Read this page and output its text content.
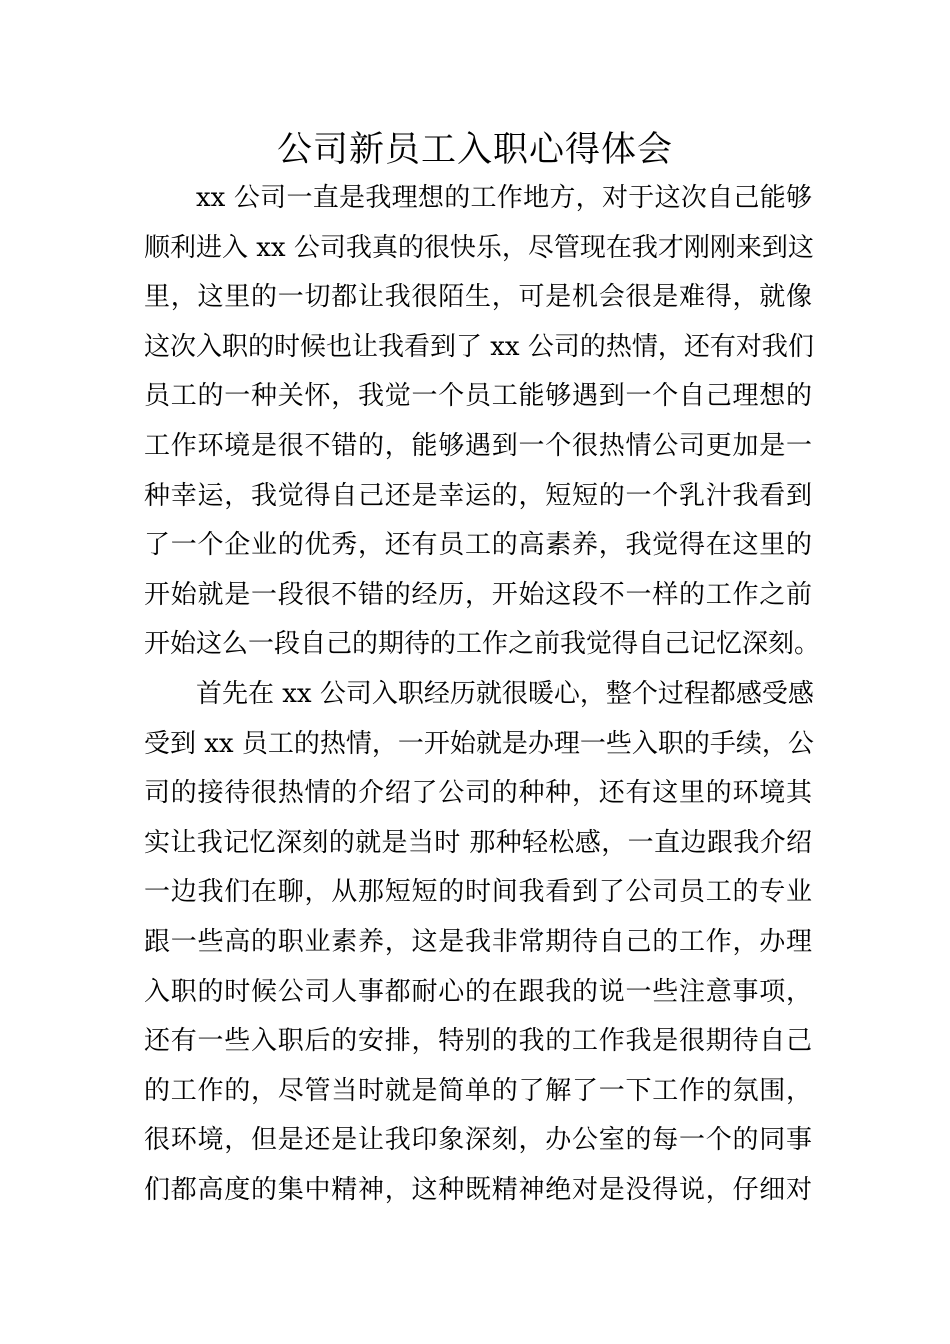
公司新员工入职心得体会

xx 公司一直是我理想的工作地方，对于这次自己能够
顺利进入 xx 公司我真的很快乐，尽管现在我才刚刚来到这
里，这里的一切都让我很陌生，可是机会很是难得，就像
这次入职的时候也让我看到了 xx 公司的热情，还有对我们
员工的一种关怀，我觉一个员工能够遇到一个自己理想的
工作环境是很不错的，能够遇到一个很热情公司更加是一
种幸运，我觉得自己还是幸运的，短短的一个乳汁我看到
了一个企业的优秀，还有员工的高素养，我觉得在这里的
开始就是一段很不错的经历，开始这段不一样的工作之前
开始这么一段自己的期待的工作之前我觉得自己记忆深刻。

首先在 xx 公司入职经历就很暖心，整个过程都感受感
受到 xx 员工的热情，一开始就是办理一些入职的手续，公
司的接待很热情的介绍了公司的种种，还有这里的环境其
实让我记忆深刻的就是当时 那种轻松感，一直边跟我介绍
一边我们在聊，从那短短的时间我看到了公司员工的专业
跟一些高的职业素养，这是我非常期待自己的工作，办理
入职的时候公司人事都耐心的在跟我的说一些注意事项，
还有一些入职后的安排，特别的我的工作我是很期待自己
的工作的，尽管当时就是简单的了解了一下工作的氛围，
很环境，但是还是让我印象深刻，办公室的每一个的同事
们都高度的集中精神，这种既精神绝对是没得说，仔细对
